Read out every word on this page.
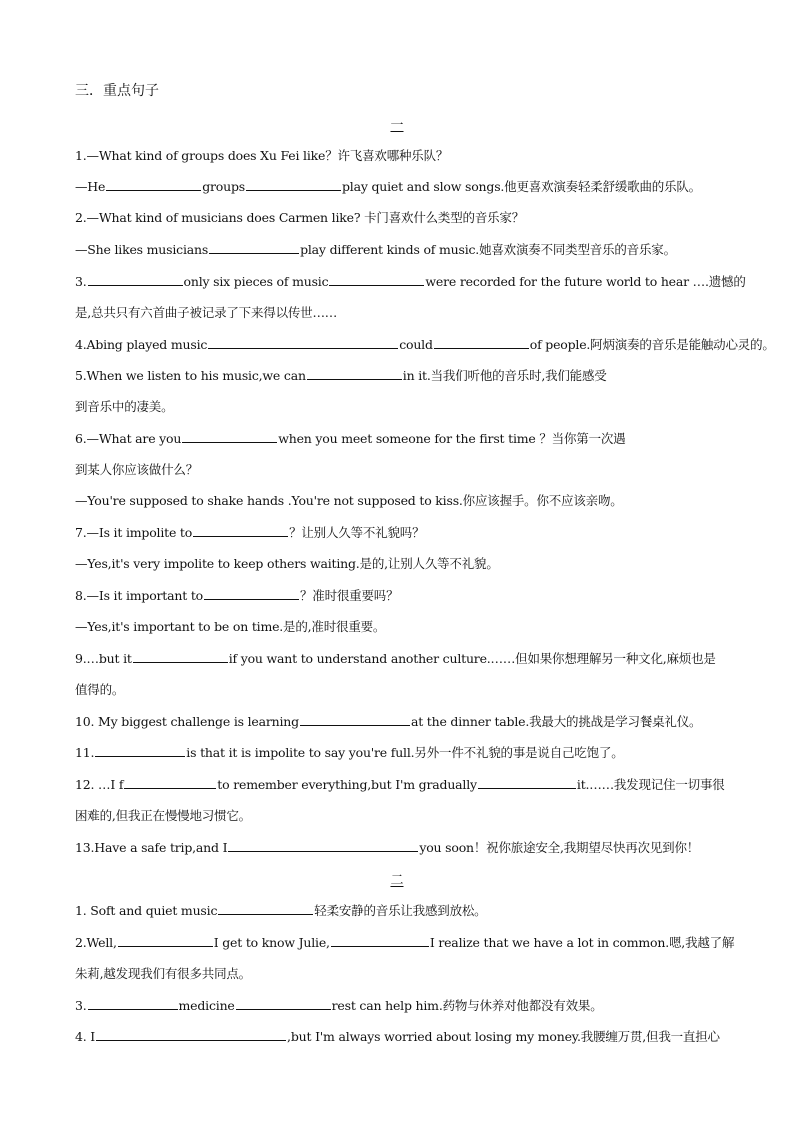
三．重点句子
一
二
1.—What kind of groups does Xu Fei like？许飞喜欢哪种乐队？
—He	groups	play quiet and slow songs.他更喜欢演奏轻柔舒缓歌曲的乐队。
2.—What kind of musicians does Carmen like? 卡门喜欢什么类型的音乐家？
—She likes musicians	play different kinds of music.她喜欢演奏不同类型音乐的音乐家。
3.	only six pieces of music	were recorded for the future world to hear ….遗憾的
是,总共只有六首曲子被记录了下来得以传世……
4.Abing played music	could	of people.阿炳演奏的音乐是能触动心灵的。
5.When we listen to his music,we can	in it.当我们听他的音乐时,我们能感受
到音乐中的凄美。
6.—What are you	when you meet someone for the first time ？当你第一次遇
到某人你应该做什么？
—You're supposed to shake hands .You're not supposed to kiss.你应该握手。你不应该亲吻。
7.—Is it impolite to	？让别人久等不礼貌吗？
—Yes,it's very impolite to keep others waiting.是的,让别人久等不礼貌。
8.—Is it important to	？准时很重要吗？
—Yes,it's important to be on time.是的,准时很重要。
9.…but it	if you want to understand another culture.……但如果你想理解另一种文化,麻烦也是
值得的。
10. My biggest challenge is learning	at the dinner table.我最大的挑战是学习餐桌礼仪。
11.	is that it is impolite to say you're full.另外一件不礼貌的事是说自己吃饱了。
12. …I f	to remember everything,but I'm gradually	it.……我发现记住一切事很
困难的,但我正在慢慢地习惯它。
13.Have a safe trip,and I	you soon！祝你旅途安全,我期望尽快再次见到你！
1. Soft and quiet music	轻柔安静的音乐让我感到放松。
2.Well,	I get to know Julie,	I realize that we have a lot in common.嗯,我越了解
朱莉,越发现我们有很多共同点。
3.	medicine	rest can help him.药物与休养对他都没有效果。
4. I	,but I'm always worried about losing my money.我腰缠万贯,但我一直担心
